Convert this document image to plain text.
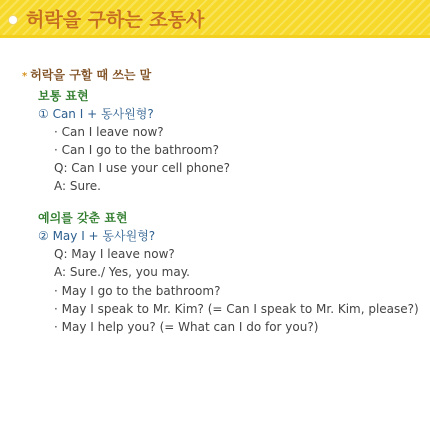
허락을 구하는 조동사
* 허락을 구할 때 쓰는 말
보통 표현
① Can I + 동사원형?
· Can I leave now?
· Can I go to the bathroom?
Q: Can I use your cell phone?
A: Sure.
예의를 갖춘 표현
② May I + 동사원형?
Q: May I leave now?
A: Sure./ Yes, you may.
· May I go to the bathroom?
· May I speak to Mr. Kim? (= Can I speak to Mr. Kim, please?)
· May I help you? (= What can I do for you?)
